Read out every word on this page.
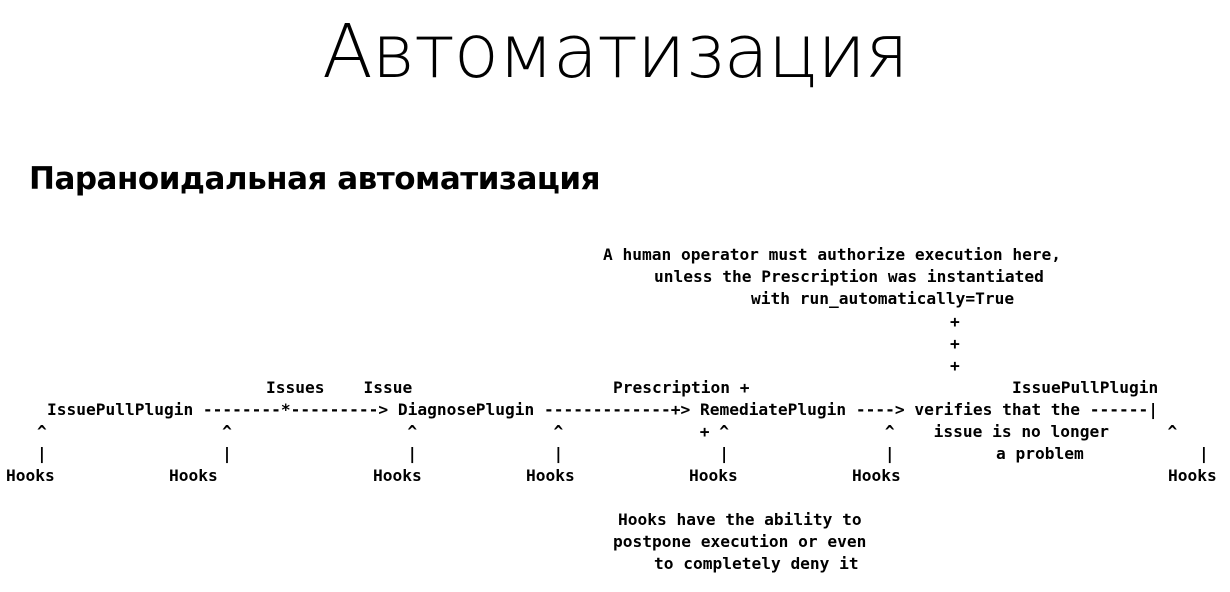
Автоматизация
Параноидальная автоматизация
A human operator must authorize execution here,
unless the Prescription was instantiated
with run_automatically=True
+
+
+
Issues    Issue	Prescription +	IssuePullPlugin
IssuePullPlugin --------*---------> DiagnosePlugin -------------+> RemediatePlugin ----> verifies that the ------|
^                  ^                  ^              ^              + ^                ^    issue is no longer      ^
|                  |                  |              |                |                |	a problem	|
Hooks	Hooks	Hooks	Hooks	Hooks	Hooks	Hooks
Hooks have the ability to
postpone execution or even
to completely deny it
